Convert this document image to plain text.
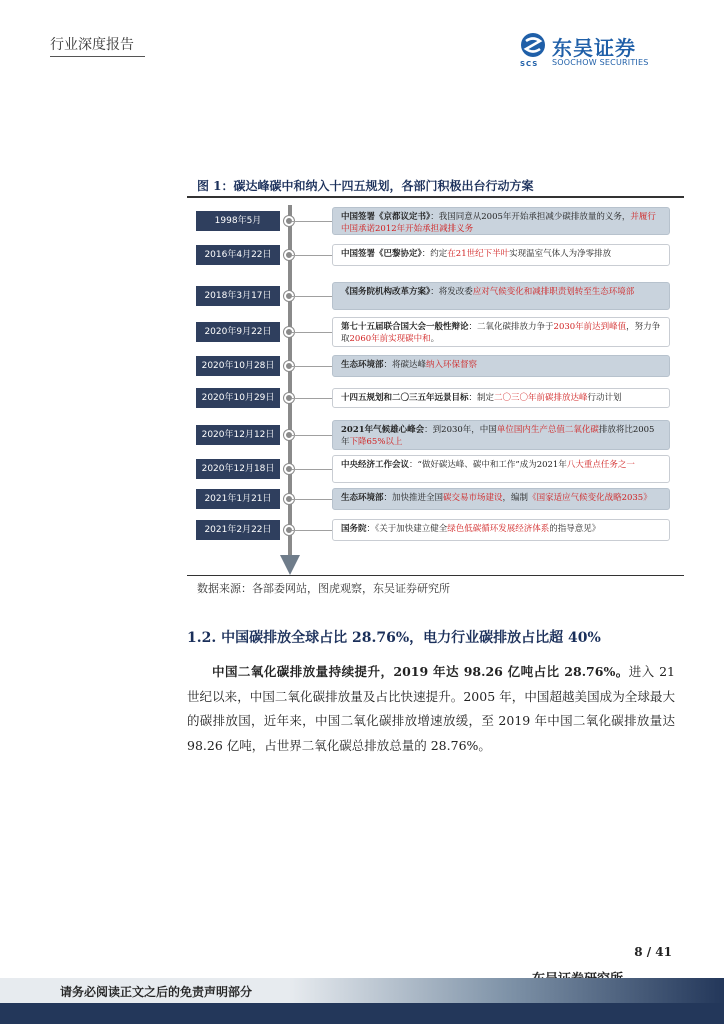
行业深度报告
SCS
东吴证券
SOOCHOW SECURITIES
图 1：碳达峰碳中和纳入十四五规划，各部门积极出台行动方案
1998年5月	中国签署《京都议定书》：我国同意从2005年开始承担减少碳排放量的义务，并履行中国承诺2012年开始承担减排义务
2016年4月22日	中国签署《巴黎协定》：约定在21世纪下半叶实现温室气体人为净零排放
2018年3月17日	《国务院机构改革方案》：将发改委应对气候变化和减排职责划转至生态环境部
2020年9月22日	第七十五届联合国大会一般性辩论：二氧化碳排放力争于2030年前达到峰值，努力争取2060年前实现碳中和。
2020年10月28日	生态环境部：将碳达峰纳入环保督察
2020年10月29日	十四五规划和二〇三五年远景目标：制定二〇三〇年前碳排放达峰行动计划
2020年12月12日	2021年气候雄心峰会：到2030年，中国单位国内生产总值二氧化碳排放将比2005年下降65%以上
2020年12月18日	中央经济工作会议：“做好碳达峰、碳中和工作”成为2021年八大重点任务之一
2021年1月21日	生态环境部：加快推进全国碳交易市场建设，编制《国家适应气候变化战略2035》
2021年2月22日	国务院：《关于加快建立健全绿色低碳循环发展经济体系的指导意见》
数据来源：各部委网站，图虎观察，东吴证券研究所
1.2. 中国碳排放全球占比 28.76%，电力行业碳排放占比超 40%
中国二氧化碳排放量持续提升，2019 年达 98.26 亿吨占比 28.76%。进入 21 世纪以来，中国二氧化碳排放量及占比快速提升。2005 年，中国超越美国成为全球最大的碳排放国，近年来，中国二氧化碳排放增速放缓，至 2019 年中国二氧化碳排放量达 98.26 亿吨，占世界二氧化碳总排放总量的 28.76%。
8 / 41
请务必阅读正文之后的免责声明部分
